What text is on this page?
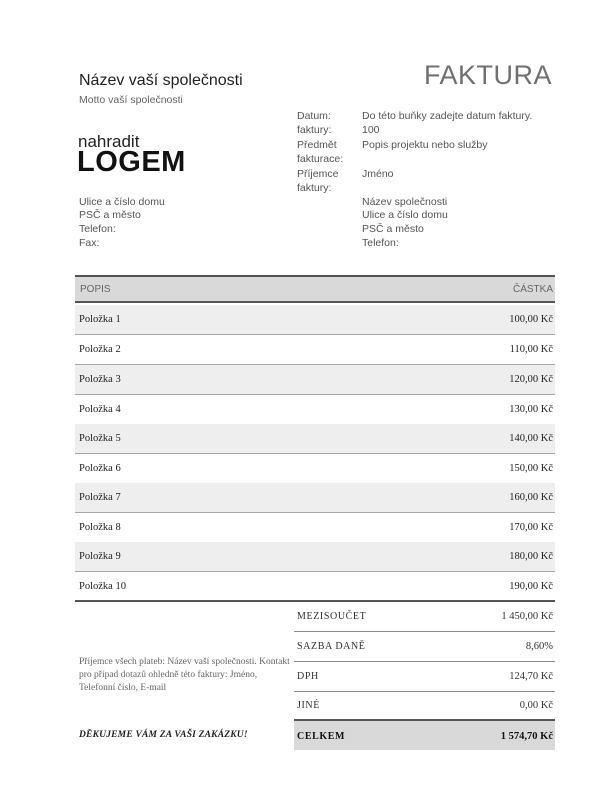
Název vaší společnosti
Motto vaší společnosti
FAKTURA
nahradit
LOGEM
Ulice a číslo domu
PSČ a město
Telefon:
Fax:
Datum:	Do této buňky zadejte datum faktury.
faktury:	100
Předmět Popis projektu nebo služby
fakturace:
Příjemce Jméno
faktury:
Název společnosti
Ulice a číslo domu
PSČ a město
Telefon:
POPIS	ČÁSTKA
Položka 1	100,00 Kč
Položka 2	110,00 Kč
Položka 3	120,00 Kč
Položka 4	130,00 Kč
Položka 5	140,00 Kč
Položka 6	150,00 Kč
Položka 7	160,00 Kč
Položka 8	170,00 Kč
Položka 9	180,00 Kč
Položka 10	190,00 Kč
MEZISOUČET	1 450,00 Kč
SAZBA DANĚ	8,60%
DPH	124,70 Kč
JINÉ	0,00 Kč
CELKEM	1 574,70 Kč
Příjemce všech plateb: Název vaší společnosti. Kontakt pro případ dotazů ohledně této faktury: Jméno, Telefonní číslo, E-mail
DĚKUJEME VÁM ZA VAŠI ZAKÁZKU!
